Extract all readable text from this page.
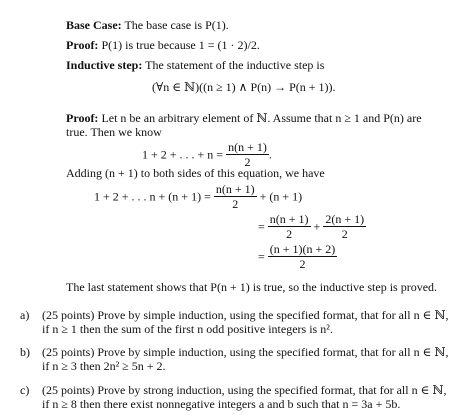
Base Case: The base case is P(1).
Proof: P(1) is true because 1 = (1 · 2)/2.
Inductive step: The statement of the inductive step is
(∀n ∈ ℕ)((n ≥ 1) ∧ P(n) → P(n + 1)).
Proof: Let n be an arbitrary element of ℕ. Assume that n ≥ 1 and P(n) are
true. Then we know
1 + 2 + . . . + $n = \frac{n(n + 1)}{2}$ .
Adding (n + 1) to both sides of this equation, we have
1 + 2 + . . . $n + (n + 1) = \frac{n(n + 1)}{2} + (n + 1)$
= $\frac{n(n + 1)}{2} + \frac{2(n + 1)}{2}$
= $\frac{(n + 1)(n + 2)}{2}$
The last statement shows that P(n + 1) is true, so the inductive step is proved.
a) (25 points) Prove by simple induction, using the specified format, that for all n ∈ ℕ,
if n ≥ 1 then the sum of the first n odd positive integers is n².
b) (25 points) Prove by simple induction, using the specified format, that for all n ∈ ℕ,
if n ≥ 3 then 2n² ≥ 5n + 2.
c) (25 points) Prove by strong induction, using the specified format, that for all n ∈ ℕ,
if n ≥ 8 then there exist nonnegative integers a and b such that n = 3a + 5b.
